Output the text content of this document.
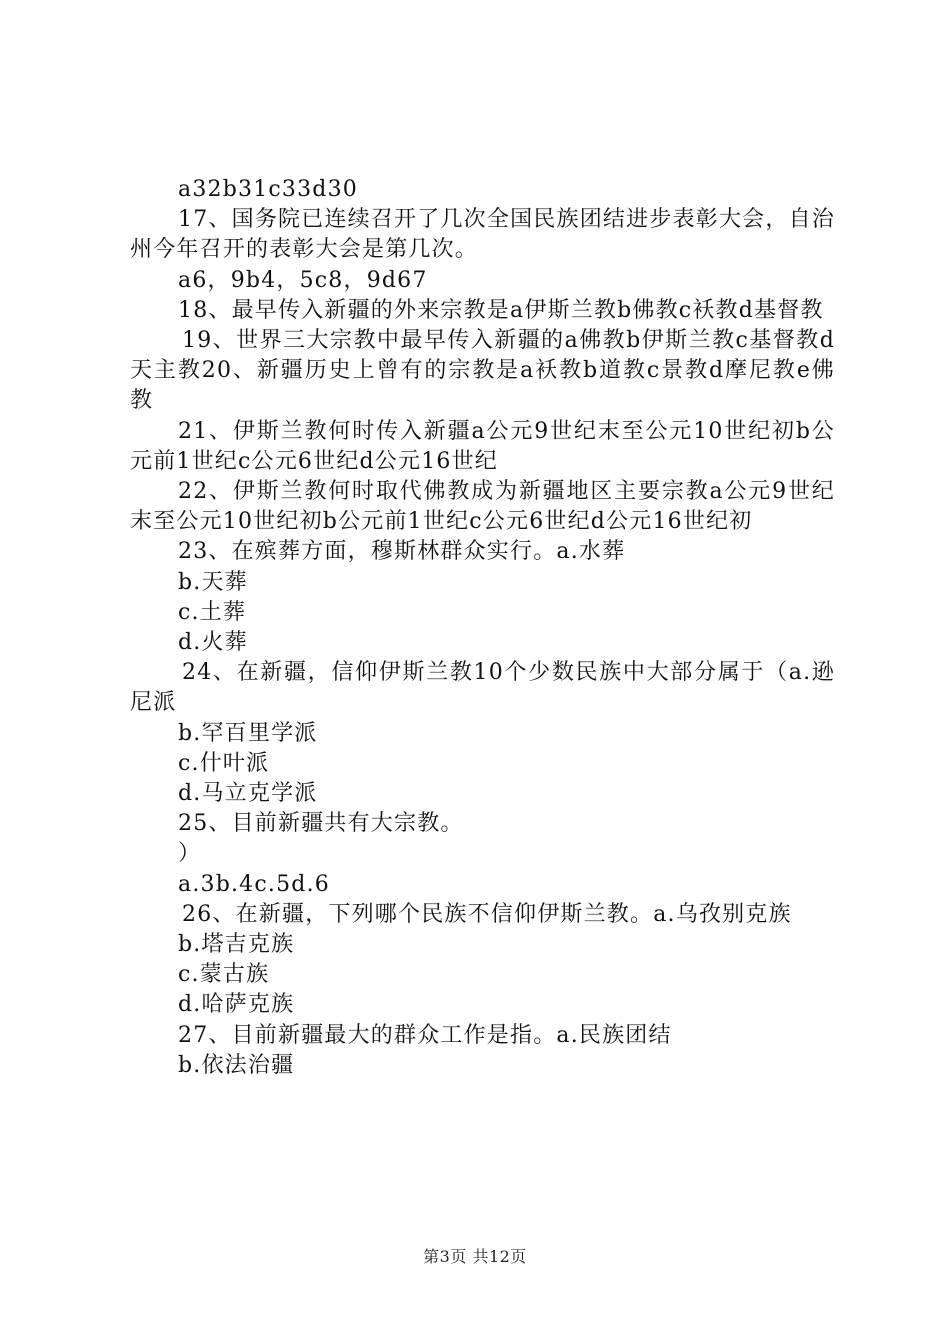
a32b31c33d30

17、国务院已连续召开了几次全国民族团结进步表彰大会，自治州今年召开的表彰大会是第几次。

a6，9b4，5c8，9d67

18、最早传入新疆的外来宗教是a伊斯兰教b佛教c袄教d基督教

19、世界三大宗教中最早传入新疆的a佛教b伊斯兰教c基督教d天主教20、新疆历史上曾有的宗教是a袄教b道教c景教d摩尼教e佛教

21、伊斯兰教何时传入新疆a公元9世纪末至公元10世纪初b公元前1世纪c公元6世纪d公元16世纪

22、伊斯兰教何时取代佛教成为新疆地区主要宗教a公元9世纪末至公元10世纪初b公元前1世纪c公元6世纪d公元16世纪初

23、在殡葬方面，穆斯林群众实行。a.水葬

b.天葬

c.土葬

d.火葬

24、在新疆，信仰伊斯兰教10个少数民族中大部分属于（a.逊尼派

b.罕百里学派

c.什叶派

d.马立克学派

25、目前新疆共有大宗教。

）

a.3b.4c.5d.6

26、在新疆，下列哪个民族不信仰伊斯兰教。a.乌孜别克族

b.塔吉克族

c.蒙古族

d.哈萨克族

27、目前新疆最大的群众工作是指。a.民族团结

b.依法治疆

第3页 共12页
